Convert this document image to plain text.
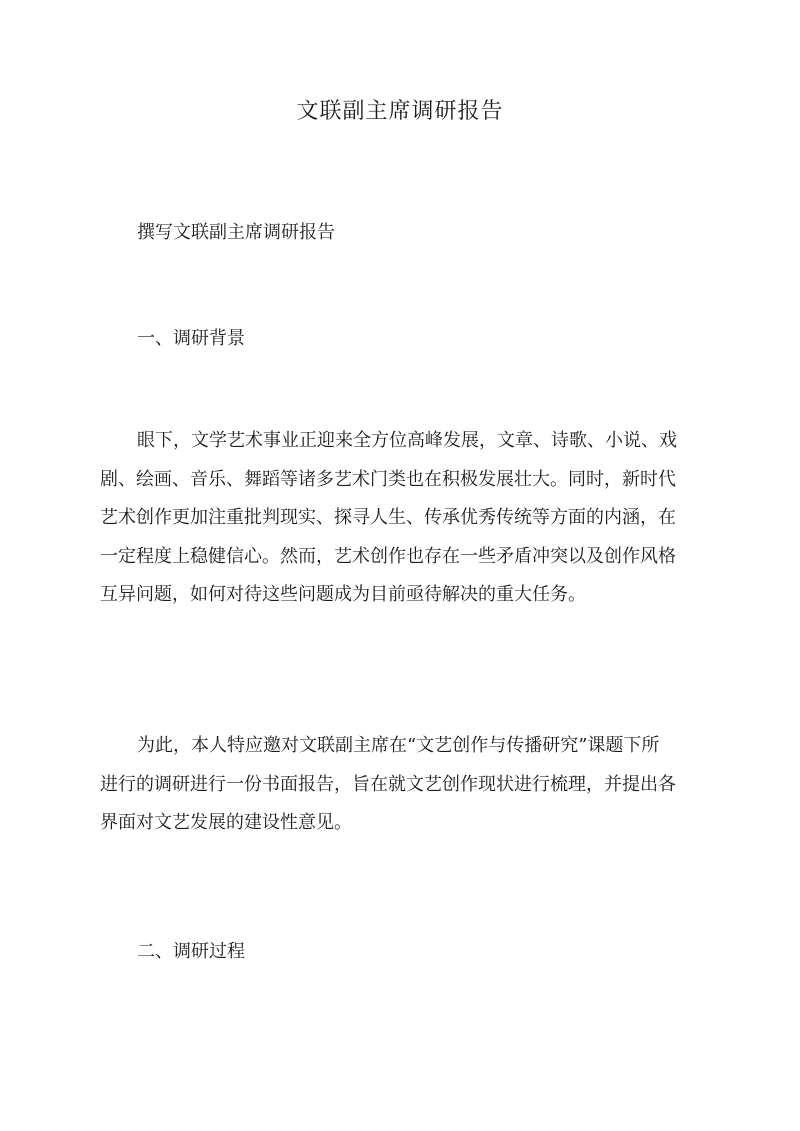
文联副主席调研报告

撰写文联副主席调研报告

一、调研背景

眼下，文学艺术事业正迎来全方位高峰发展，文章、诗歌、小说、戏
剧、绘画、音乐、舞蹈等诸多艺术门类也在积极发展壮大。同时，新时代
艺术创作更加注重批判现实、探寻人生、传承优秀传统等方面的内涵，在
一定程度上稳健信心。然而，艺术创作也存在一些矛盾冲突以及创作风格
互异问题，如何对待这些问题成为目前亟待解决的重大任务。
为此，本人特应邀对文联副主席在“文艺创作与传播研究”课题下所
进行的调研进行一份书面报告，旨在就文艺创作现状进行梳理，并提出各
界面对文艺发展的建设性意见。

二、调研过程
